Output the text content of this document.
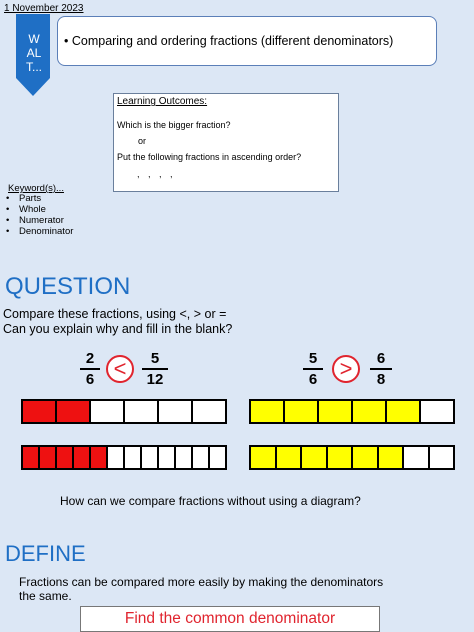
1 November 2023
W
AL
T...
• Comparing and ordering fractions (different denominators)
Learning Outcomes:
Which is the bigger fraction?
or
Put the following fractions in ascending order?
, , , ,
Keyword(s)...
• Parts
• Whole
• Numerator
• Denominator
QUESTION
Compare these fractions, using <, > or =
Can you explain why and fill in the blank?
2
6 <	5
12
5
6	>	6
8
How can we compare fractions without using a diagram?
DEFINE
Fractions can be compared more easily by making the denominators
the same.
Find the common denominator
